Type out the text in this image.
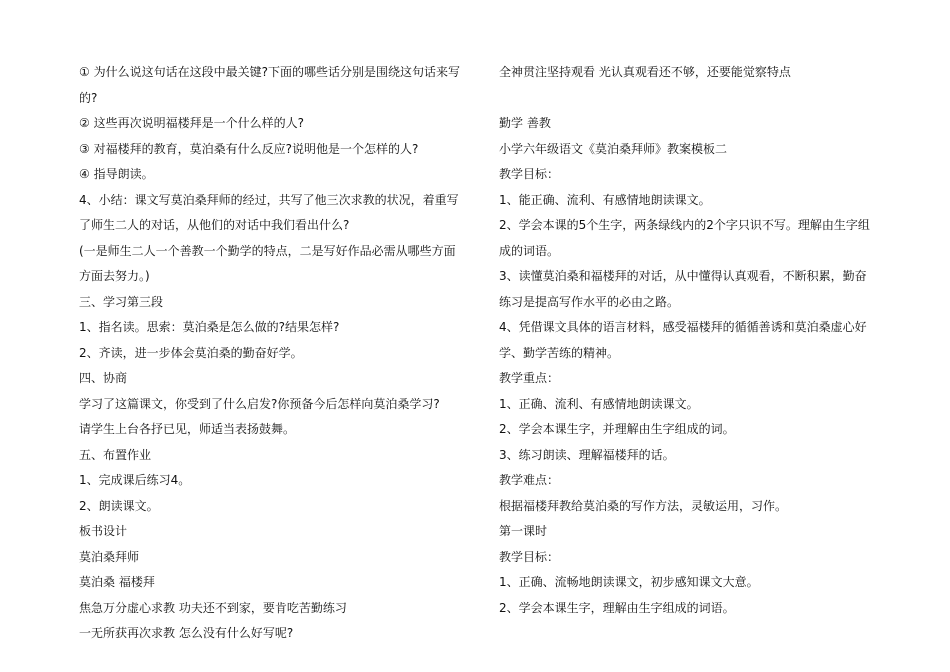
① 为什么说这句话在这段中最关键?下面的哪些话分别是围绕这句话来写的?

② 这些再次说明福楼拜是一个什么样的人?

③ 对福楼拜的教育，莫泊桑有什么反应?说明他是一个怎样的人?

④ 指导朗读。

4、小结：课文写莫泊桑拜师的经过，共写了他三次求教的状况，着重写了师生二人的对话，从他们的对话中我们看出什么?

(一是师生二人一个善教一个勤学的特点，二是写好作品必需从哪些方面方面去努力。)

三、学习第三段

1、指名读。思索：莫泊桑是怎么做的?结果怎样?

2、齐读，进一步体会莫泊桑的勤奋好学。

四、协商

学习了这篇课文，你受到了什么启发?你预备今后怎样向莫泊桑学习?

请学生上台各抒已见，师适当表扬鼓舞。

五、布置作业

1、完成课后练习4。

2、朗读课文。

板书设计

莫泊桑拜师

莫泊桑 福楼拜

焦急万分虚心求教 功夫还不到家，要肯吃苦勤练习

一无所获再次求教 怎么没有什么好写呢?

全神贯注坚持观看 光认真观看还不够，还要能觉察特点

勤学 善教

小学六年级语文《莫泊桑拜师》教案模板二

教学目标：

1、能正确、流利、有感情地朗读课文。

2、学会本课的5个生字，两条绿线内的2个字只识不写。理解由生字组成的词语。

3、读懂莫泊桑和福楼拜的对话，从中懂得认真观看，不断积累，勤奋练习是提高写作水平的必由之路。

4、凭借课文具体的语言材料，感受福楼拜的循循善诱和莫泊桑虚心好学、勤学苦练的精神。

教学重点：

1、正确、流利、有感情地朗读课文。

2、学会本课生字，并理解由生字组成的词。

3、练习朗读、理解福楼拜的话。

教学难点：

根据福楼拜教给莫泊桑的写作方法，灵敏运用，习作。

第一课时

教学目标：

1、正确、流畅地朗读课文，初步感知课文大意。

2、学会本课生字，理解由生字组成的词语。
